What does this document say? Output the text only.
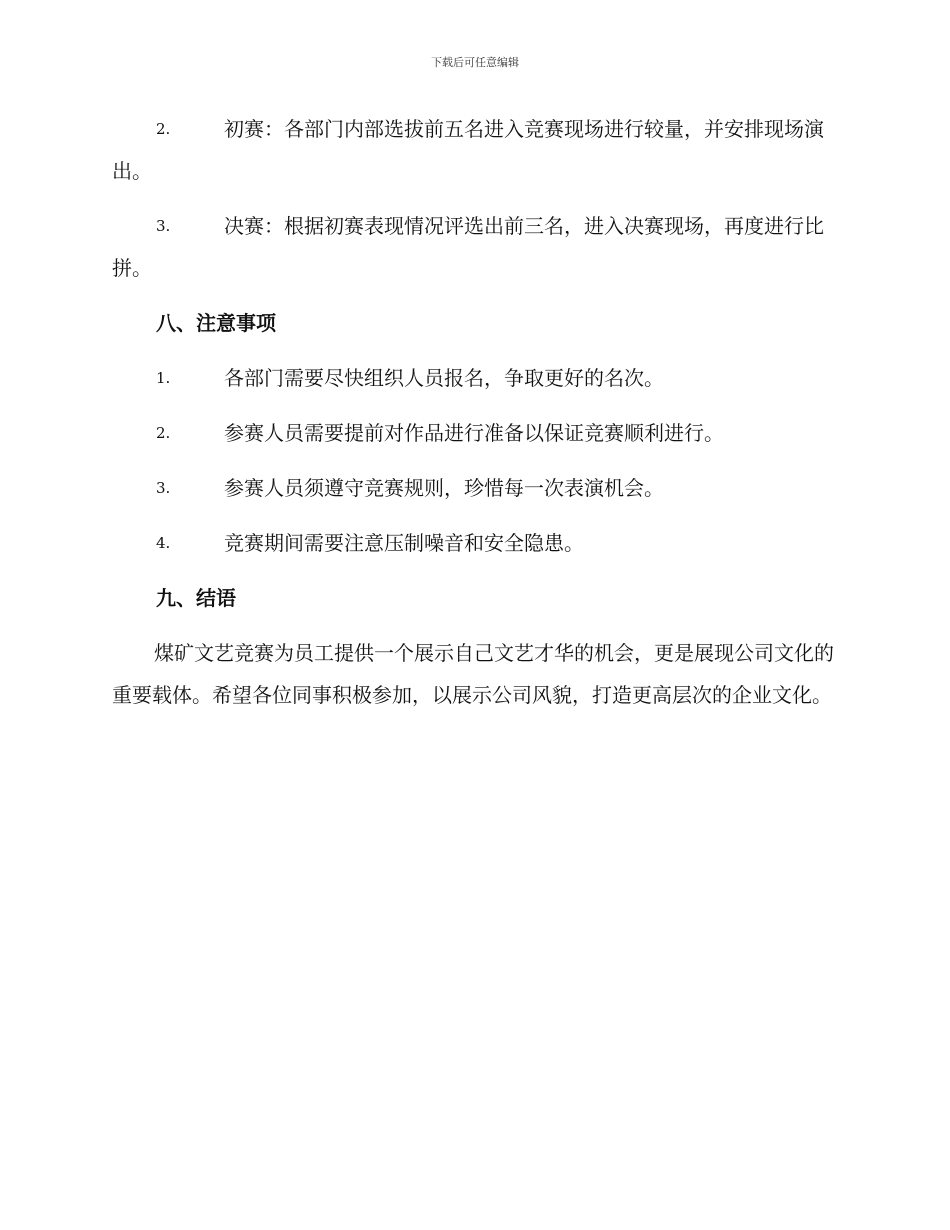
下载后可任意编辑
2.	初赛：各部门内部选拔前五名进入竞赛现场进行较量，并安排现场演出。
3.	决赛：根据初赛表现情况评选出前三名，进入决赛现场，再度进行比拼。
八、注意事项
1.	各部门需要尽快组织人员报名，争取更好的名次。
2.	参赛人员需要提前对作品进行准备以保证竞赛顺利进行。
3.	参赛人员须遵守竞赛规则，珍惜每一次表演机会。
4.	竞赛期间需要注意压制噪音和安全隐患。
九、结语

煤矿文艺竞赛为员工提供一个展示自己文艺才华的机会，更是展现公司文化的重要载体。希望各位同事积极参加，以展示公司风貌，打造更高层次的企业文化。
